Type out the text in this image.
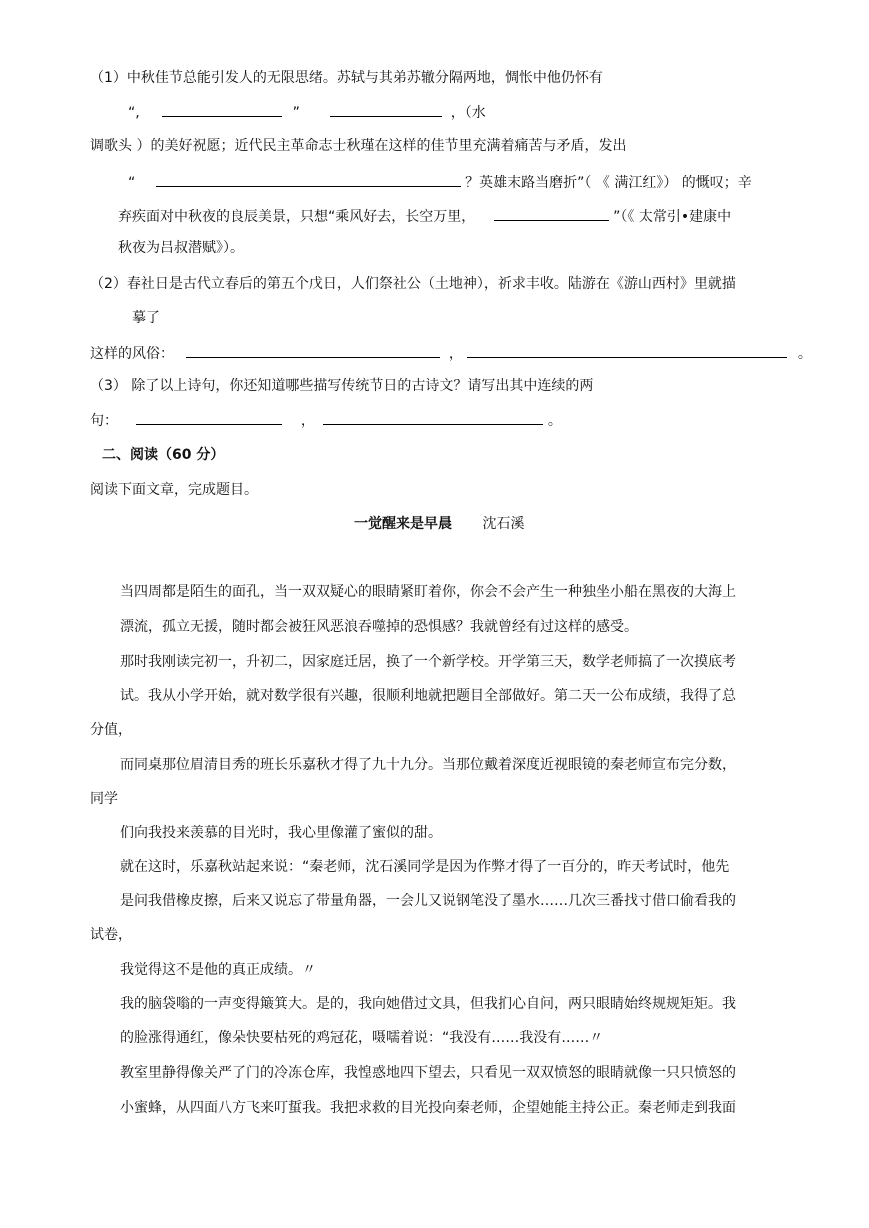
（1）中秋佳节总能引发人的无限思绪。苏轼与其弟苏辙分隔两地，惆怅中他仍怀有
“,	”	，（水
调歌头 ）的美好祝愿；近代民主革命志士秋瑾在这样的佳节里充满着痛苦与矛盾，发出
“	？英雄末路当磨折”（ 《 满江红》） 的慨叹；辛
弃疾面对中秋夜的良辰美景，只想“乘风好去，长空万里，	”（《 太常引•建康中
秋夜为吕叔潜赋》）。
（2）春社日是古代立春后的第五个戊日，人们祭社公（土地神），祈求丰收。陆游在《游山西村》里就描
摹了
这样的风俗：	，	。
（3） 除了以上诗句，你还知道哪些描写传统节日的古诗文？请写出其中连续的两
句：	，	。
二、阅读（60 分）
阅读下面文章，完成题目。
一觉醒来是早晨 沈石溪
当四周都是陌生的面孔，当一双双疑心的眼睛紧盯着你，你会不会产生一种独坐小船在黑夜的大海上
漂流，孤立无援，随时都会被狂风恶浪吞噬掉的恐惧感？我就曾经有过这样的感受。
那时我刚读完初一，升初二，因家庭迁居，换了一个新学校。开学第三天，数学老师搞了一次摸底考
试。我从小学开始，就对数学很有兴趣，很顺利地就把题目全部做好。第二天一公布成绩，我得了总
分值，
而同桌那位眉清目秀的班长乐嘉秋才得了九十九分。当那位戴着深度近视眼镜的秦老师宣布完分数，
同学
们向我投来羡慕的目光时，我心里像灌了蜜似的甜。
就在这时，乐嘉秋站起来说：“秦老师，沈石溪同学是因为作弊才得了一百分的，昨天考试时，他先
是问我借橡皮擦，后来又说忘了带量角器，一会儿又说钢笔没了墨水……几次三番找寸借口偷看我的
试卷，
我觉得这不是他的真正成绩。〃
我的脑袋嗡的一声变得簸箕大。是的，我向她借过文具，但我扪心自问，两只眼睛始终规规矩矩。我
的脸涨得通红，像朵快要枯死的鸡冠花，嗫嚅着说：“我没有……我没有……〃
教室里静得像关严了门的冷冻仓库，我惶惑地四下望去，只看见一双双愤怒的眼睛就像一只只愤怒的
小蜜蜂，从四面八方飞来叮蜇我。我把求救的目光投向秦老师，企望她能主持公正。秦老师走到我面
